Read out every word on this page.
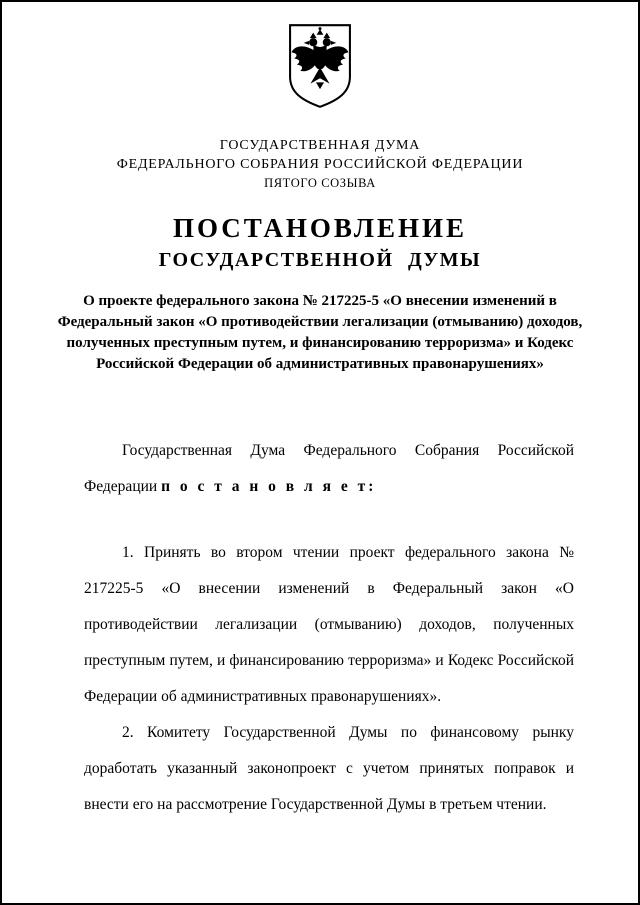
ГОСУДАРСТВЕННАЯ ДУМА
ФЕДЕРАЛЬНОГО СОБРАНИЯ РОССИЙСКОЙ ФЕДЕРАЦИИ
ПЯТОГО СОЗЫВА
ПОСТАНОВЛЕНИЕ
ГОСУДАРСТВЕННОЙ ДУМЫ
О проекте федерального закона № 217225-5 «О внесении изменений в Федеральный закон «О противодействии легализации (отмыванию) доходов, полученных преступным путем, и финансированию терроризма» и Кодекс Российской Федерации об административных правонарушениях»

Государственная Дума Федерального Собрания Российской Федерации п о с т а н о в л я е т:

1. Принять во втором чтении проект федерального закона № 217225-5 «О внесении изменений в Федеральный закон «О противодействии легализации (отмыванию) доходов, полученных преступным путем, и финансированию терроризма» и Кодекс Российской Федерации об административных правонарушениях».

2. Комитету Государственной Думы по финансовому рынку доработать указанный законопроект с учетом принятых поправок и внести его на рассмотрение Государственной Думы в третьем чтении.
